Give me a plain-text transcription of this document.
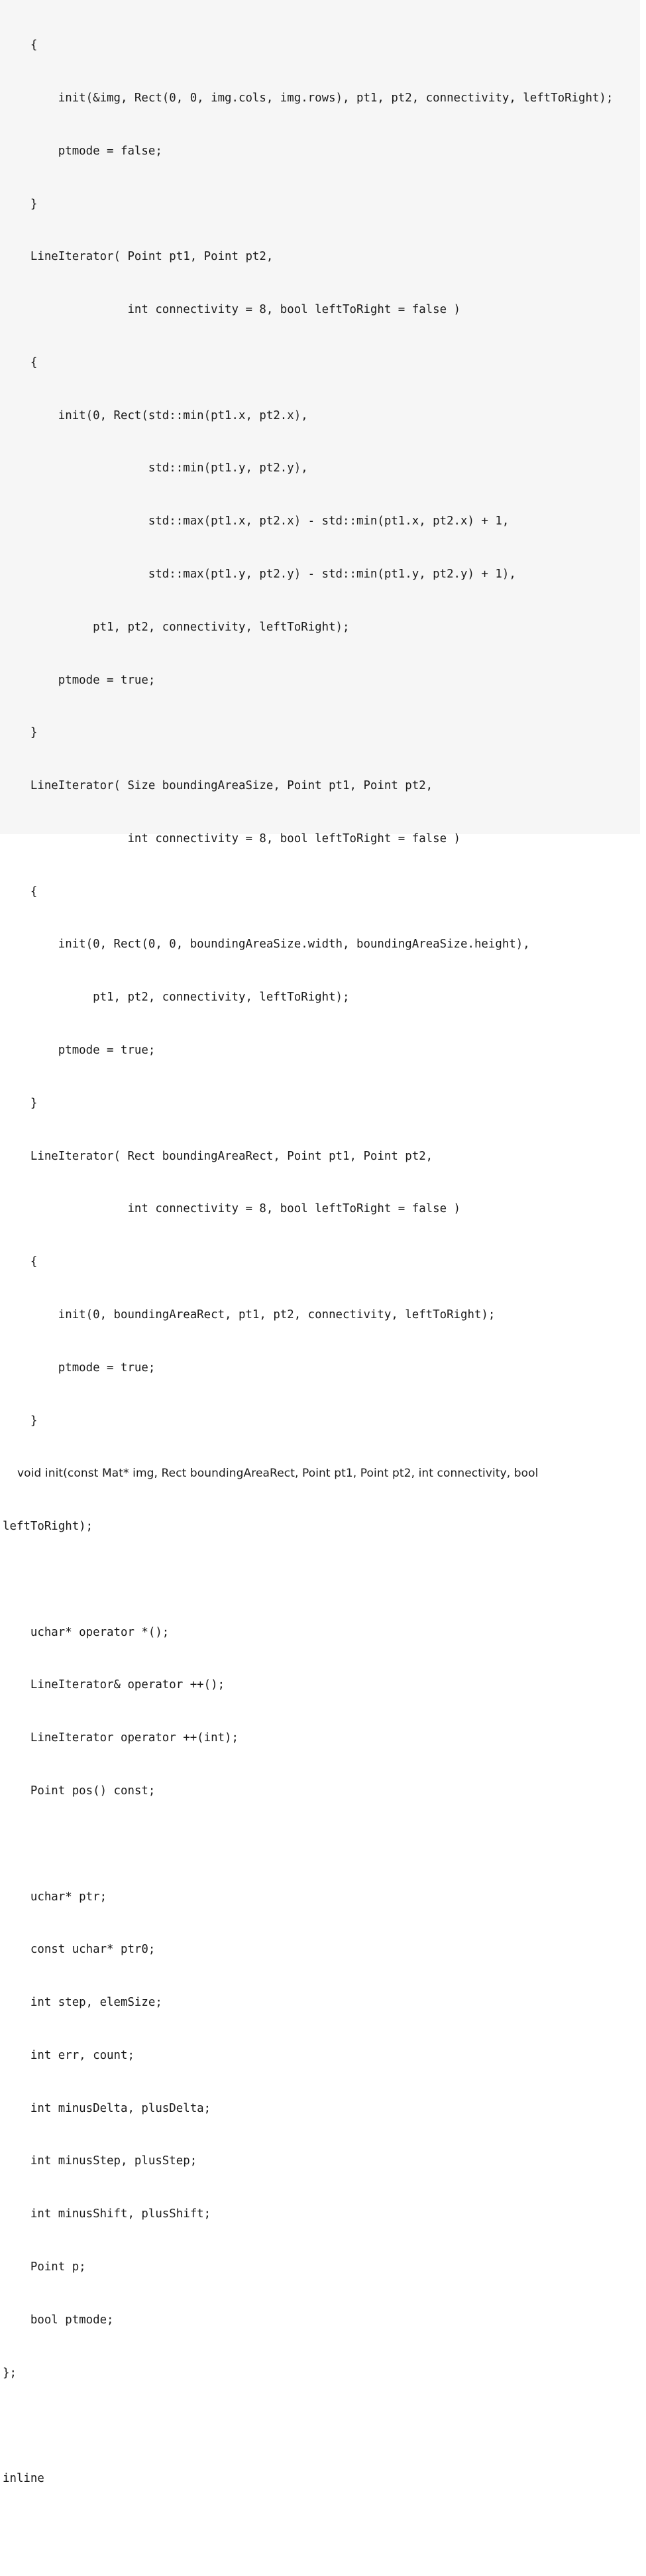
{

init(&img, Rect(0, 0, img.cols, img.rows), pt1, pt2, connectivity, leftToRight);

ptmode = false;

}

LineIterator( Point pt1, Point pt2,

int connectivity = 8, bool leftToRight = false )

{

init(0, Rect(std::min(pt1.x, pt2.x),

std::min(pt1.y, pt2.y),

std::max(pt1.x, pt2.x) - std::min(pt1.x, pt2.x) + 1,

std::max(pt1.y, pt2.y) - std::min(pt1.y, pt2.y) + 1),

pt1, pt2, connectivity, leftToRight);

ptmode = true;

}

LineIterator( Size boundingAreaSize, Point pt1, Point pt2,

int connectivity = 8, bool leftToRight = false )

{

init(0, Rect(0, 0, boundingAreaSize.width, boundingAreaSize.height),

pt1, pt2, connectivity, leftToRight);

ptmode = true;

}

LineIterator( Rect boundingAreaRect, Point pt1, Point pt2,

int connectivity = 8, bool leftToRight = false )

{

init(0, boundingAreaRect, pt1, pt2, connectivity, leftToRight);

ptmode = true;

}

void init(const Mat* img, Rect boundingAreaRect, Point pt1, Point pt2, int connectivity, bool

leftToRight);

uchar* operator *();

LineIterator& operator ++();

LineIterator operator ++(int);

Point pos() const;

uchar* ptr;

const uchar* ptr0;

int step, elemSize;

int err, count;

int minusDelta, plusDelta;

int minusStep, plusStep;

int minusShift, plusShift;

Point p;

bool ptmode;

};

inline
